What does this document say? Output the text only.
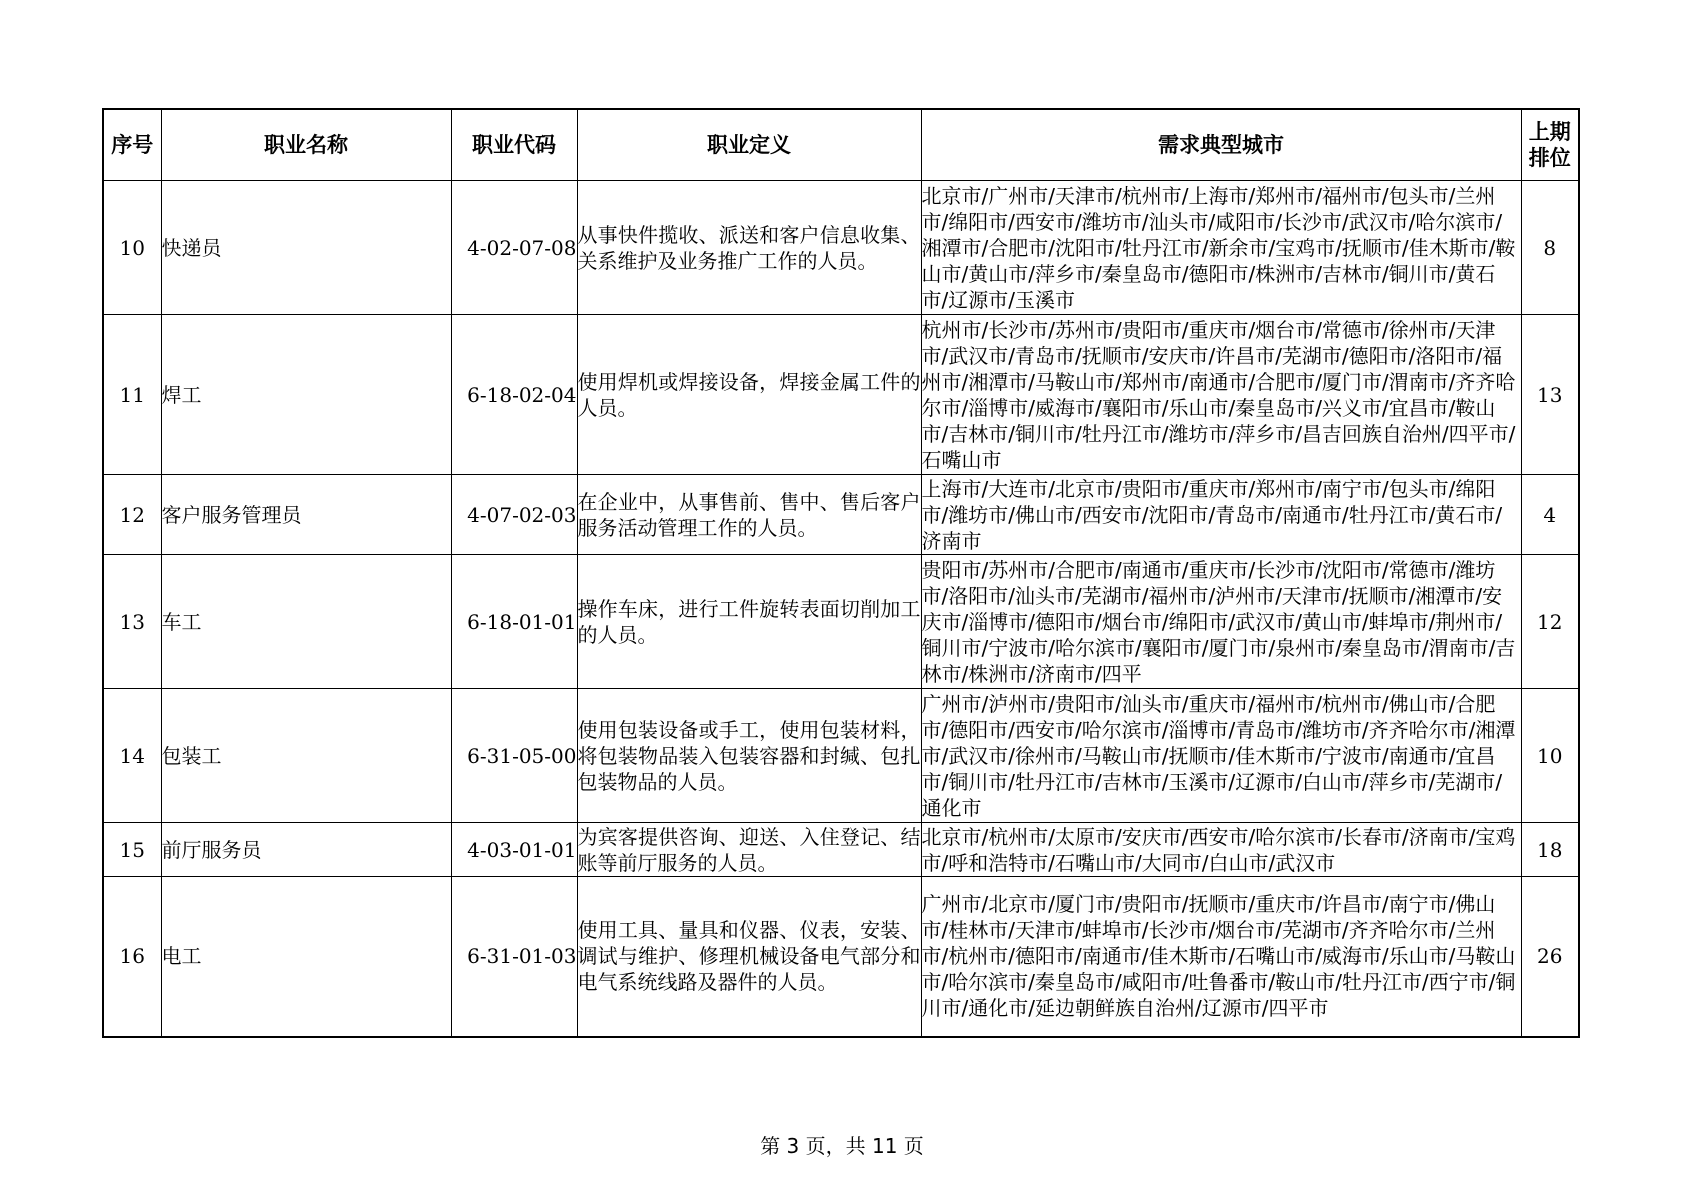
序号	职业名称	职业代码	职业定义	需求典型城市	上期
排位
10	快递员	4-02-07-08	从事快件揽收、派送和客户信息收集、关系维护及业务推广工作的人员。	北京市/广州市/天津市/杭州市/上海市/郑州市/福州市/包头市/兰州市/绵阳市/西安市/潍坊市/汕头市/咸阳市/长沙市/武汉市/哈尔滨市/湘潭市/合肥市/沈阳市/牡丹江市/新余市/宝鸡市/抚顺市/佳木斯市/鞍山市/黄山市/萍乡市/秦皇岛市/德阳市/株洲市/吉林市/铜川市/黄石市/辽源市/玉溪市	8
11	焊工	6-18-02-04	使用焊机或焊接设备，焊接金属工件的人员。	杭州市/长沙市/苏州市/贵阳市/重庆市/烟台市/常德市/徐州市/天津市/武汉市/青岛市/抚顺市/安庆市/许昌市/芜湖市/德阳市/洛阳市/福州市/湘潭市/马鞍山市/郑州市/南通市/合肥市/厦门市/渭南市/齐齐哈尔市/淄博市/威海市/襄阳市/乐山市/秦皇岛市/兴义市/宜昌市/鞍山市/吉林市/铜川市/牡丹江市/潍坊市/萍乡市/昌吉回族自治州/四平市/石嘴山市	13
12	客户服务管理员	4-07-02-03	在企业中，从事售前、售中、售后客户服务活动管理工作的人员。	上海市/大连市/北京市/贵阳市/重庆市/郑州市/南宁市/包头市/绵阳市/潍坊市/佛山市/西安市/沈阳市/青岛市/南通市/牡丹江市/黄石市/济南市	4
13	车工	6-18-01-01	操作车床，进行工件旋转表面切削加工的人员。	贵阳市/苏州市/合肥市/南通市/重庆市/长沙市/沈阳市/常德市/潍坊市/洛阳市/汕头市/芜湖市/福州市/泸州市/天津市/抚顺市/湘潭市/安庆市/淄博市/德阳市/烟台市/绵阳市/武汉市/黄山市/蚌埠市/荆州市/铜川市/宁波市/哈尔滨市/襄阳市/厦门市/泉州市/秦皇岛市/渭南市/吉林市/株洲市/济南市/四平	12
14	包装工	6-31-05-00	使用包装设备或手工，使用包装材料，将包装物品装入包装容器和封缄、包扎包装物品的人员。	广州市/泸州市/贵阳市/汕头市/重庆市/福州市/杭州市/佛山市/合肥市/德阳市/西安市/哈尔滨市/淄博市/青岛市/潍坊市/齐齐哈尔市/湘潭市/武汉市/徐州市/马鞍山市/抚顺市/佳木斯市/宁波市/南通市/宜昌市/铜川市/牡丹江市/吉林市/玉溪市/辽源市/白山市/萍乡市/芜湖市/通化市	10
15	前厅服务员	4-03-01-01	为宾客提供咨询、迎送、入住登记、结账等前厅服务的人员。	北京市/杭州市/太原市/安庆市/西安市/哈尔滨市/长春市/济南市/宝鸡市/呼和浩特市/石嘴山市/大同市/白山市/武汉市	18
16	电工	6-31-01-03	使用工具、量具和仪器、仪表，安装、调试与维护、修理机械设备电气部分和电气系统线路及器件的人员。	广州市/北京市/厦门市/贵阳市/抚顺市/重庆市/许昌市/南宁市/佛山市/桂林市/天津市/蚌埠市/长沙市/烟台市/芜湖市/齐齐哈尔市/兰州市/杭州市/德阳市/南通市/佳木斯市/石嘴山市/威海市/乐山市/马鞍山市/哈尔滨市/秦皇岛市/咸阳市/吐鲁番市/鞍山市/牡丹江市/西宁市/铜川市/通化市/延边朝鲜族自治州/辽源市/四平市	26
第 3 页，共 11 页
